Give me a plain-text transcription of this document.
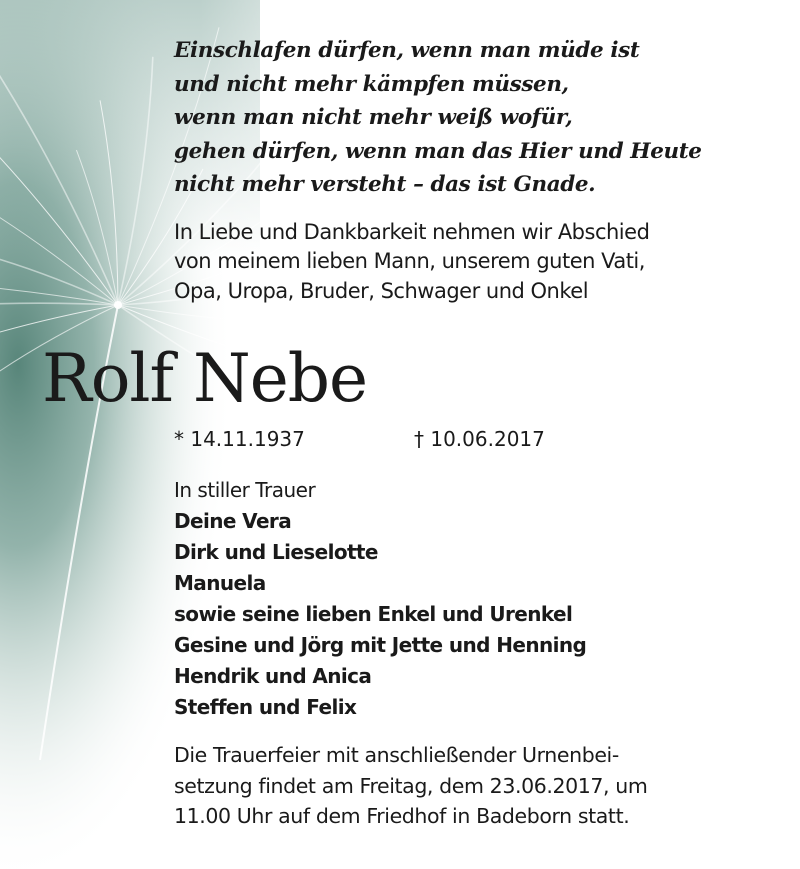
Einschlafen dürfen, wenn man müde ist
und nicht mehr kämpfen müssen,
wenn man nicht mehr weiß wofür,
gehen dürfen, wenn man das Hier und Heute
nicht mehr versteht – das ist Gnade.
In Liebe und Dankbarkeit nehmen wir Abschied
von meinem lieben Mann, unserem guten Vati,
Opa, Uropa, Bruder, Schwager und Onkel
Rolf Nebe
* 14.11.1937	† 10.06.2017
In stiller Trauer
Deine Vera
Dirk und Lieselotte
Manuela
sowie seine lieben Enkel und Urenkel
Gesine und Jörg mit Jette und Henning
Hendrik und Anica
Steffen und Felix
Die Trauerfeier mit anschließender Urnenbei-
setzung findet am Freitag, dem 23.06.2017, um
11.00 Uhr auf dem Friedhof in Badeborn statt.
